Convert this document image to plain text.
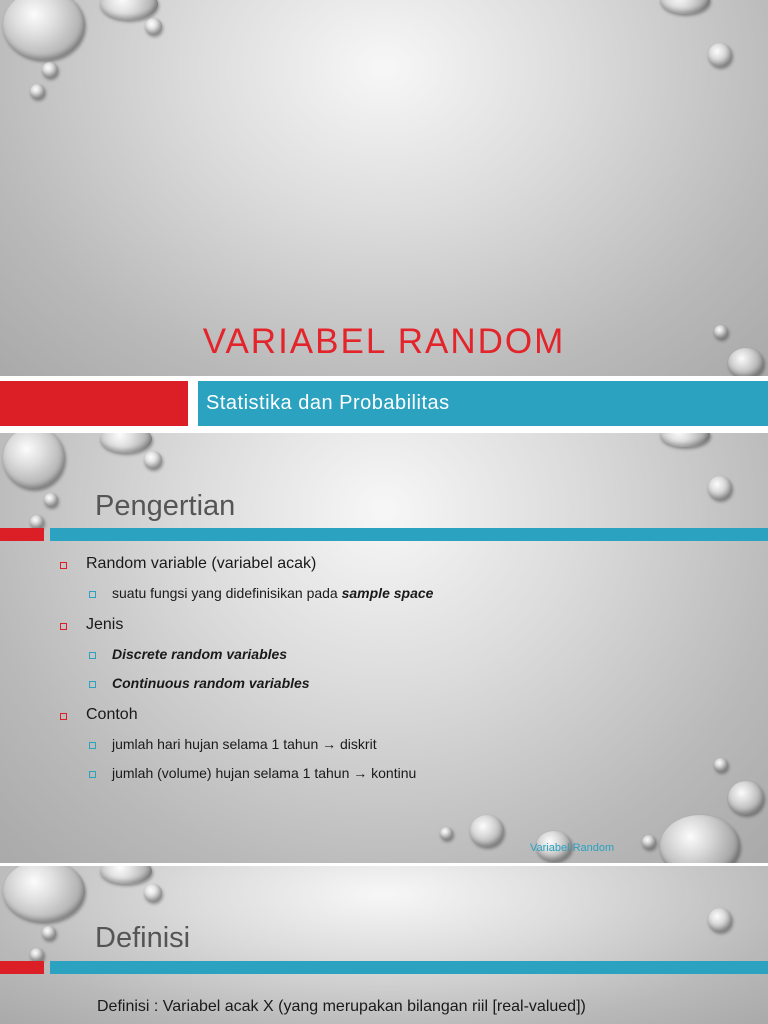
VARIABEL RANDOM
Statistika dan Probabilitas
Pengertian
Random variable (variabel acak)
suatu fungsi yang didefinisikan pada sample space
Jenis
Discrete random variables
Continuous random variables
Contoh
jumlah hari hujan selama 1 tahun → diskrit
jumlah (volume) hujan selama 1 tahun → kontinu
Variabel Random
Definisi
Definisi : Variabel acak X (yang merupakan bilangan riil [real-valued])
